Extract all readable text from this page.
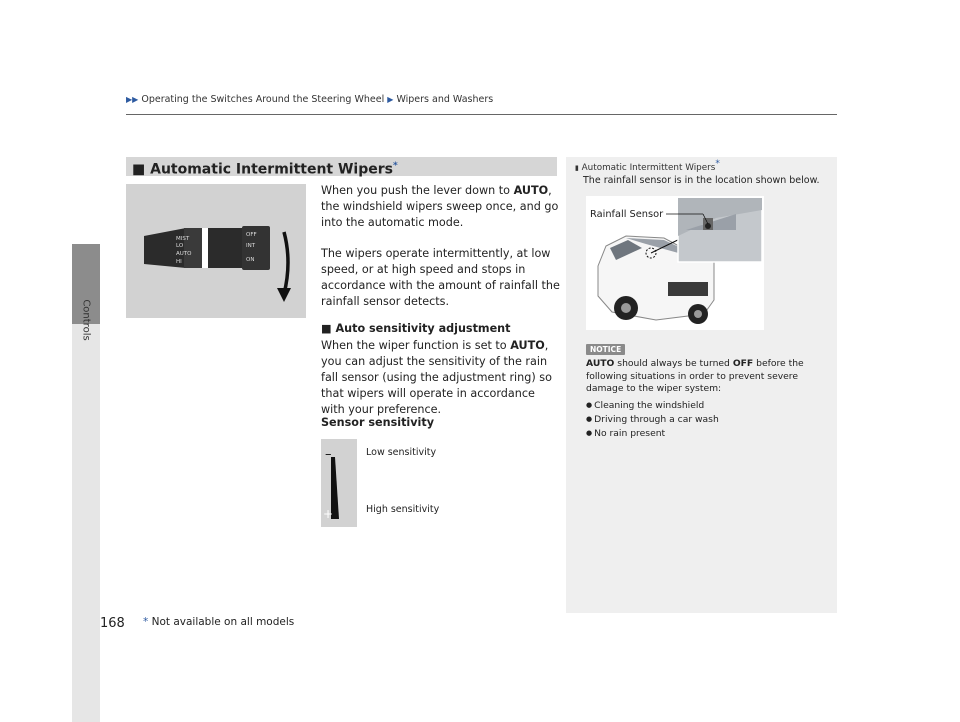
▶▶ Operating the Switches Around the Steering Wheel ▶ Wipers and Washers
Controls
■ Automatic Intermittent Wipers*
MIST
AUTO
HI
OFF
INT
ON
LO
When you push the lever down to AUTO, the windshield wipers sweep once, and go into the automatic mode.
The wipers operate intermittently, at low speed, or at high speed and stops in accordance with the amount of rainfall the rainfall sensor detects.
■ Auto sensitivity adjustment
When the wiper function is set to AUTO, you can adjust the sensitivity of the rain fall sensor (using the adjustment ring) so that wipers will operate in accordance with your preference.
Sensor sensitivity
–
+
Low sensitivity
High sensitivity
▮ Automatic Intermittent Wipers*
The rainfall sensor is in the location shown below.
Rainfall Sensor
NOTICE
AUTO should always be turned OFF before the following situations in order to prevent severe damage to the wiper system:
● Cleaning the windshield
● Driving through a car wash
● No rain present
168 * Not available on all models
